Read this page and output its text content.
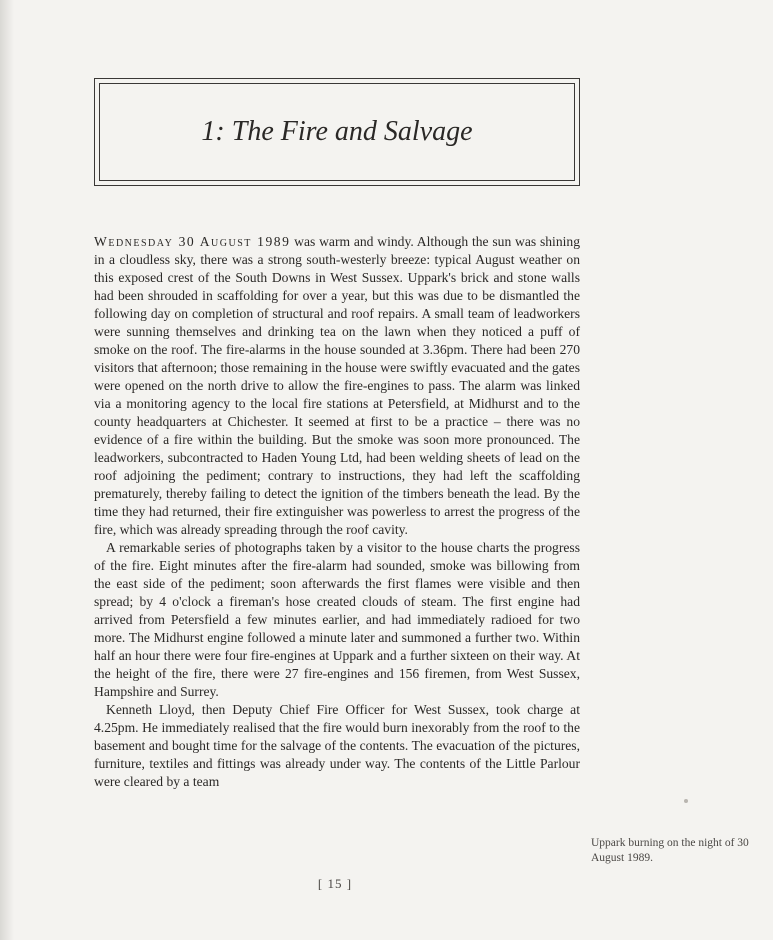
1: The Fire and Salvage

Wednesday 30 August 1989 was warm and windy. Although the sun was shining in a cloudless sky, there was a strong south-westerly breeze: typical August weather on this exposed crest of the South Downs in West Sussex. Uppark's brick and stone walls had been shrouded in scaffolding for over a year, but this was due to be dismantled the following day on completion of structural and roof repairs. A small team of leadworkers were sunning themselves and drinking tea on the lawn when they noticed a puff of smoke on the roof. The fire-alarms in the house sounded at 3.36pm. There had been 270 visitors that afternoon; those remaining in the house were swiftly evacuated and the gates were opened on the north drive to allow the fire-engines to pass. The alarm was linked via a monitoring agency to the local fire stations at Petersfield, at Midhurst and to the county headquarters at Chichester. It seemed at first to be a practice – there was no evidence of a fire within the building. But the smoke was soon more pronounced. The leadworkers, subcontracted to Haden Young Ltd, had been welding sheets of lead on the roof adjoining the pediment; contrary to instructions, they had left the scaffolding prematurely, thereby failing to detect the ignition of the timbers beneath the lead. By the time they had returned, their fire extinguisher was powerless to arrest the progress of the fire, which was already spreading through the roof cavity.

A remarkable series of photographs taken by a visitor to the house charts the progress of the fire. Eight minutes after the fire-alarm had sounded, smoke was billowing from the east side of the pediment; soon afterwards the first flames were visible and then spread; by 4 o'clock a fireman's hose created clouds of steam. The first engine had arrived from Petersfield a few minutes earlier, and had immediately radioed for two more. The Midhurst engine followed a minute later and summoned a further two. Within half an hour there were four fire-engines at Uppark and a further sixteen on their way. At the height of the fire, there were 27 fire-engines and 156 firemen, from West Sussex, Hampshire and Surrey.

Kenneth Lloyd, then Deputy Chief Fire Officer for West Sussex, took charge at 4.25pm. He immediately realised that the fire would burn inexorably from the roof to the basement and bought time for the salvage of the contents. The evacuation of the pictures, furniture, textiles and fittings was already under way. The contents of the Little Parlour were cleared by a team

Uppark burning on the night of 30 August 1989.
[ 15 ]
